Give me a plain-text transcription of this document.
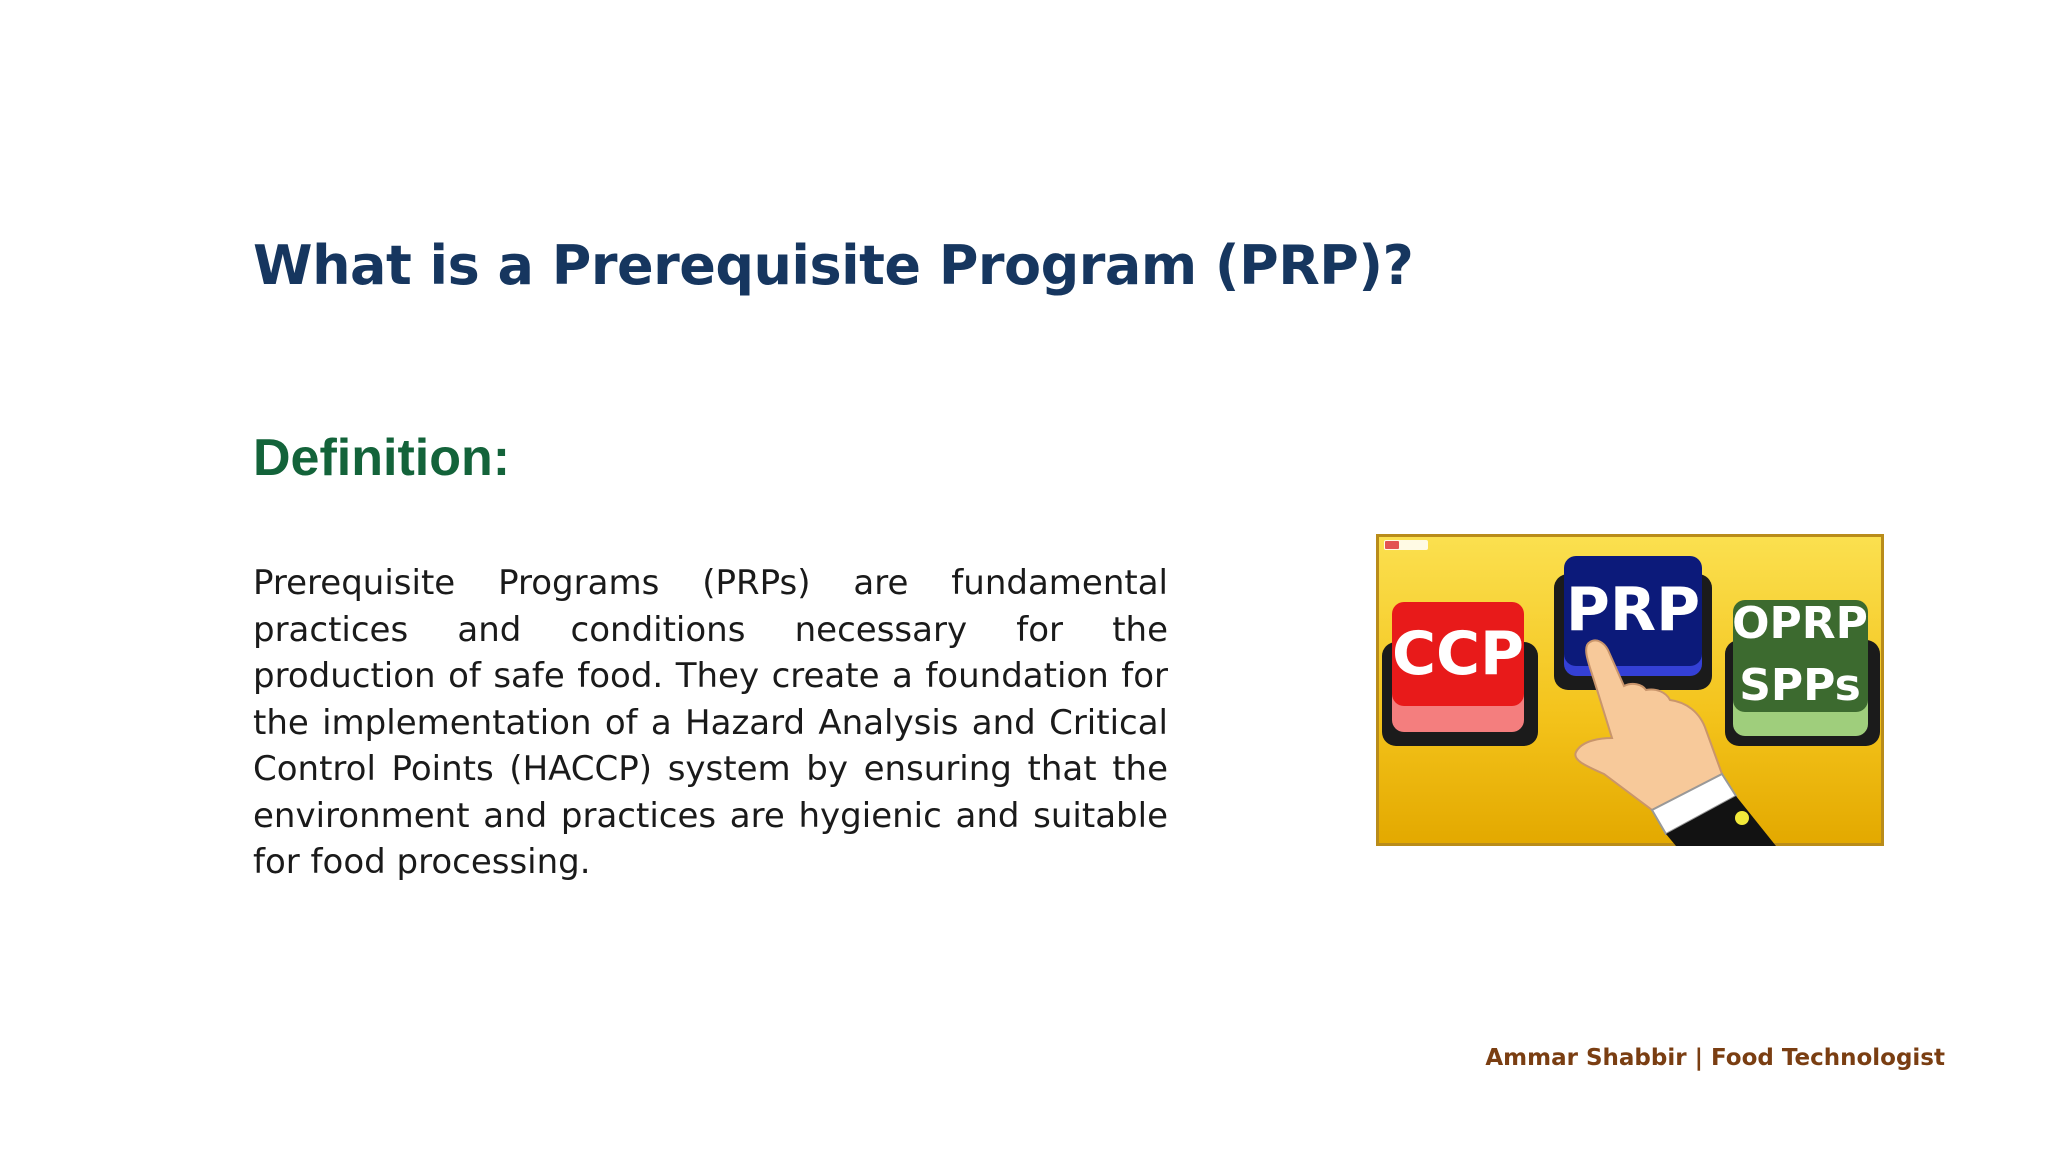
What is a Prerequisite Program (PRP)?
Definition:

Prerequisite Programs (PRPs) are fundamental practices and conditions necessary for the production of safe food. They create a foundation for the implementation of a Hazard Analysis and Critical Control Points (HACCP) system by ensuring that the environment and practices are hygienic and suitable for food processing.

CCP	OPRP
SPPs
PRP
Ammar Shabbir | Food Technologist
